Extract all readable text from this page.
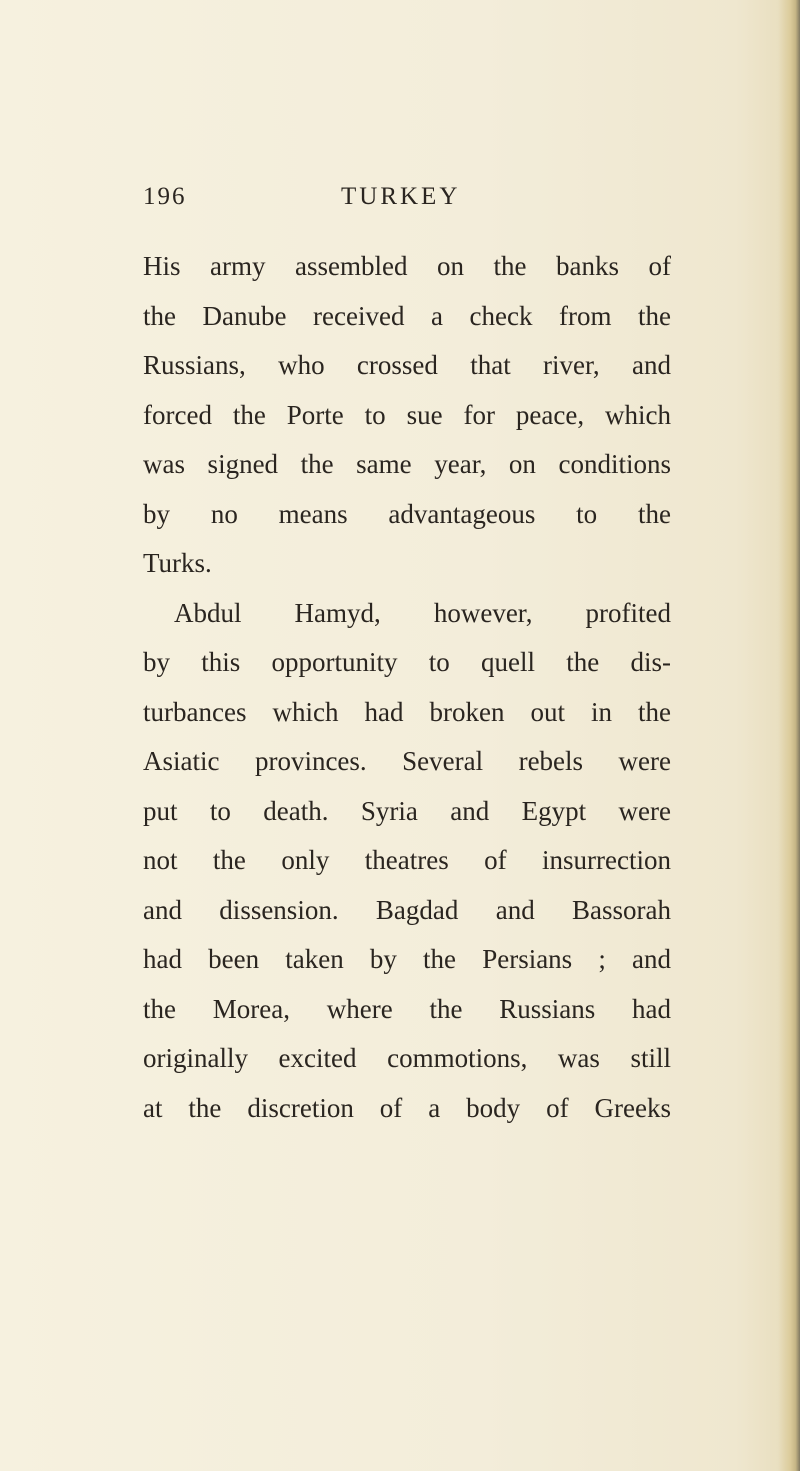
196	TURKEY
His army assembled on the banks of
the Danube received a check from the
Russians, who crossed that river, and
forced the Porte to sue for peace, which
was signed the same year, on conditions
by no means advantageous to the
Turks.
Abdul Hamyd, however, profited
by this opportunity to quell the dis-
turbances which had broken out in the
Asiatic provinces. Several rebels were
put to death. Syria and Egypt were
not the only theatres of insurrection
and dissension. Bagdad and Bassorah
had been taken by the Persians ; and
the Morea, where the Russians had
originally excited commotions, was still
at the discretion of a body of Greeks
